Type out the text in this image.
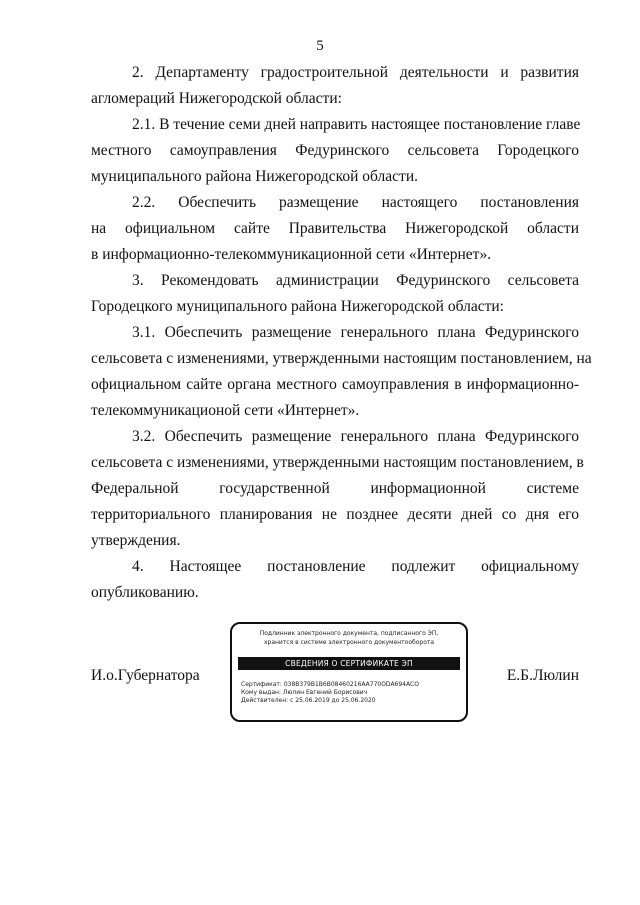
5
2. Департаменту градостроительной деятельности и развития
агломераций Нижегородской области:
2.1. В течение семи дней направить настоящее постановление главе
местного самоуправления Федуринского сельсовета Городецкого
муниципального района Нижегородской области.
2.2. Обеспечить размещение настоящего постановления
на официальном сайте Правительства Нижегородской области
в информационно-телекоммуникационной сети «Интернет».
3. Рекомендовать администрации Федуринского сельсовета
Городецкого муниципального района Нижегородской области:
3.1. Обеспечить размещение генерального плана Федуринского
сельсовета с изменениями, утвержденными настоящим постановлением, на
официальном сайте органа местного самоуправления в информационно-
телекоммуникационой сети «Интернет».
3.2. Обеспечить размещение генерального плана Федуринского
сельсовета с изменениями, утвержденными настоящим постановлением, в
Федеральной государственной информационной системе
территориального планирования не позднее десяти дней со дня его
утверждения.
4. Настоящее постановление подлежит официальному
опубликованию.
И.о.Губернатора
Подлинник электронного документа, подписанного ЭП,
хранится в системе электронного документооборота
СВЕДЕНИЯ О СЕРТИФИКАТЕ ЭП
Сертификат: 038B379B1B6B08460216AA770ODA694ACO
Кому выдан: Люлин Евгений Борисович
Действителен: с 25.06.2019 до 25.06.2020
Е.Б.Люлин
